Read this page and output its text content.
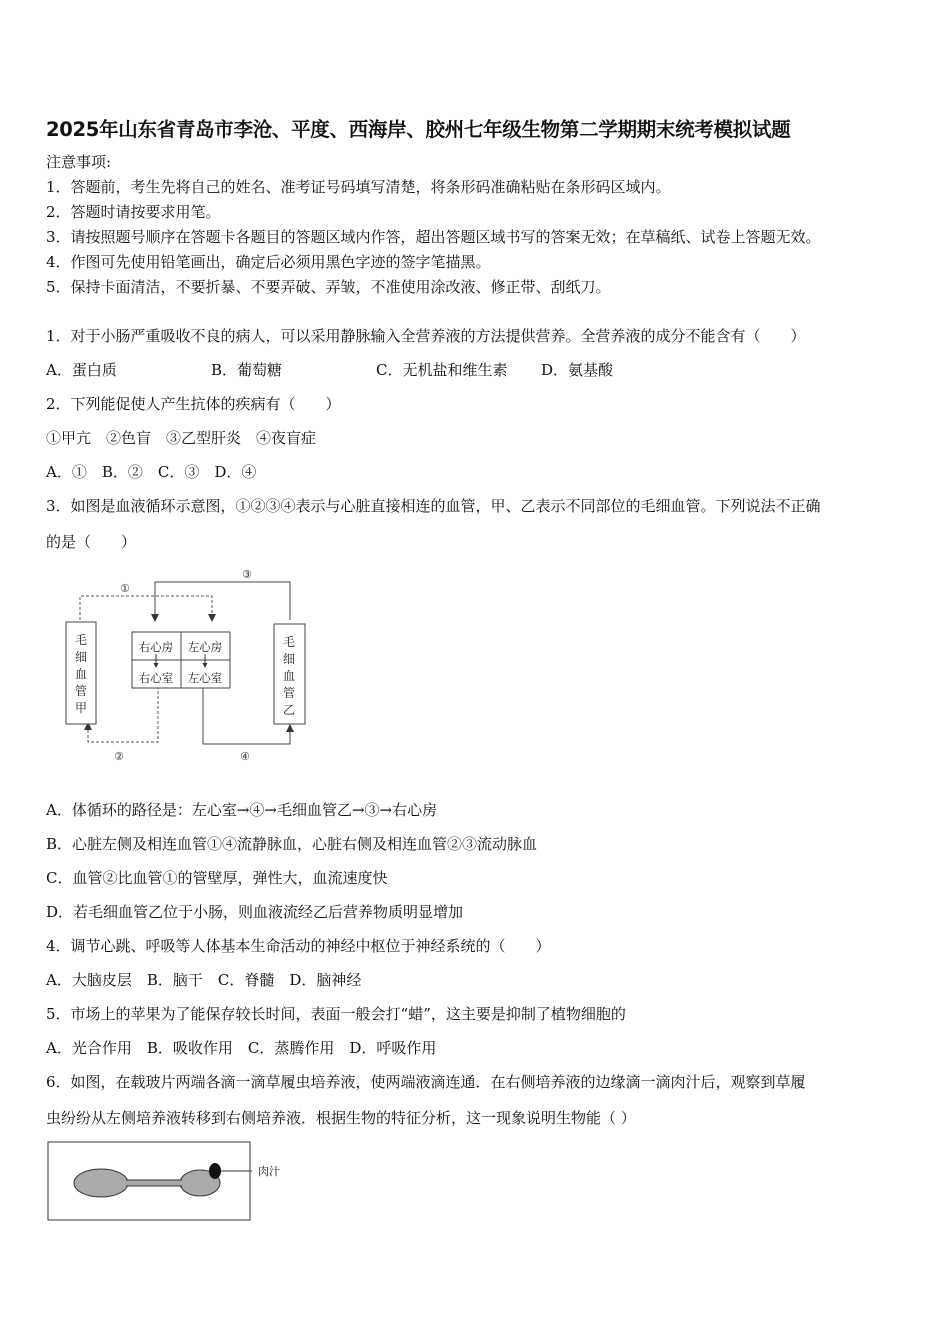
2025年山东省青岛市李沧、平度、西海岸、胶州七年级生物第二学期期末统考模拟试题
注意事项:
1．答题前，考生先将自己的姓名、准考证号码填写清楚，将条形码准确粘贴在条形码区域内。
2．答题时请按要求用笔。
3．请按照题号顺序在答题卡各题目的答题区域内作答，超出答题区域书写的答案无效；在草稿纸、试卷上答题无效。
4．作图可先使用铅笔画出，确定后必须用黑色字迹的签字笔描黑。
5．保持卡面清洁，不要折暴、不要弄破、弄皱，不准使用涂改液、修正带、刮纸刀。
1．对于小肠严重吸收不良的病人，可以采用静脉输入全营养液的方法提供营养。全营养液的成分不能含有（　　）
A．蛋白质	B．葡萄糖	C．无机盐和维生素 D．氨基酸
2．下列能促使人产生抗体的疾病有（　　）
①甲亢　②色盲　③乙型肝炎　④夜盲症
A．①　B．②　C．③　D．④
3．如图是血液循环示意图，①②③④表示与心脏直接相连的血管，甲、乙表示不同部位的毛细血管。下列说法不正确
的是（　　）
①
③
②	④
毛
细
血
管
甲
毛
细
血
管
乙
右心房 左心房
右心室 左心室
A．体循环的路径是：左心室→④→毛细血管乙→③→右心房
B．心脏左侧及相连血管①④流静脉血，心脏右侧及相连血管②③流动脉血
C．血管②比血管①的管壁厚，弹性大，血流速度快
D．若毛细血管乙位于小肠，则血液流经乙后营养物质明显增加
4．调节心跳、呼吸等人体基本生命活动的神经中枢位于神经系统的（　　）
A．大脑皮层　B．脑干　C．脊髓　D．脑神经
5．市场上的苹果为了能保存较长时间，表面一般会打“蜡”，这主要是抑制了植物细胞的
A．光合作用　B．吸收作用　C．蒸腾作用　D．呼吸作用
6．如图，在载玻片两端各滴一滴草履虫培养液，使两端液滴连通．在右侧培养液的边缘滴一滴肉汁后，观察到草履
虫纷纷从左侧培养液转移到右侧培养液．根据生物的特征分析，这一现象说明生物能（ ）
肉汁
